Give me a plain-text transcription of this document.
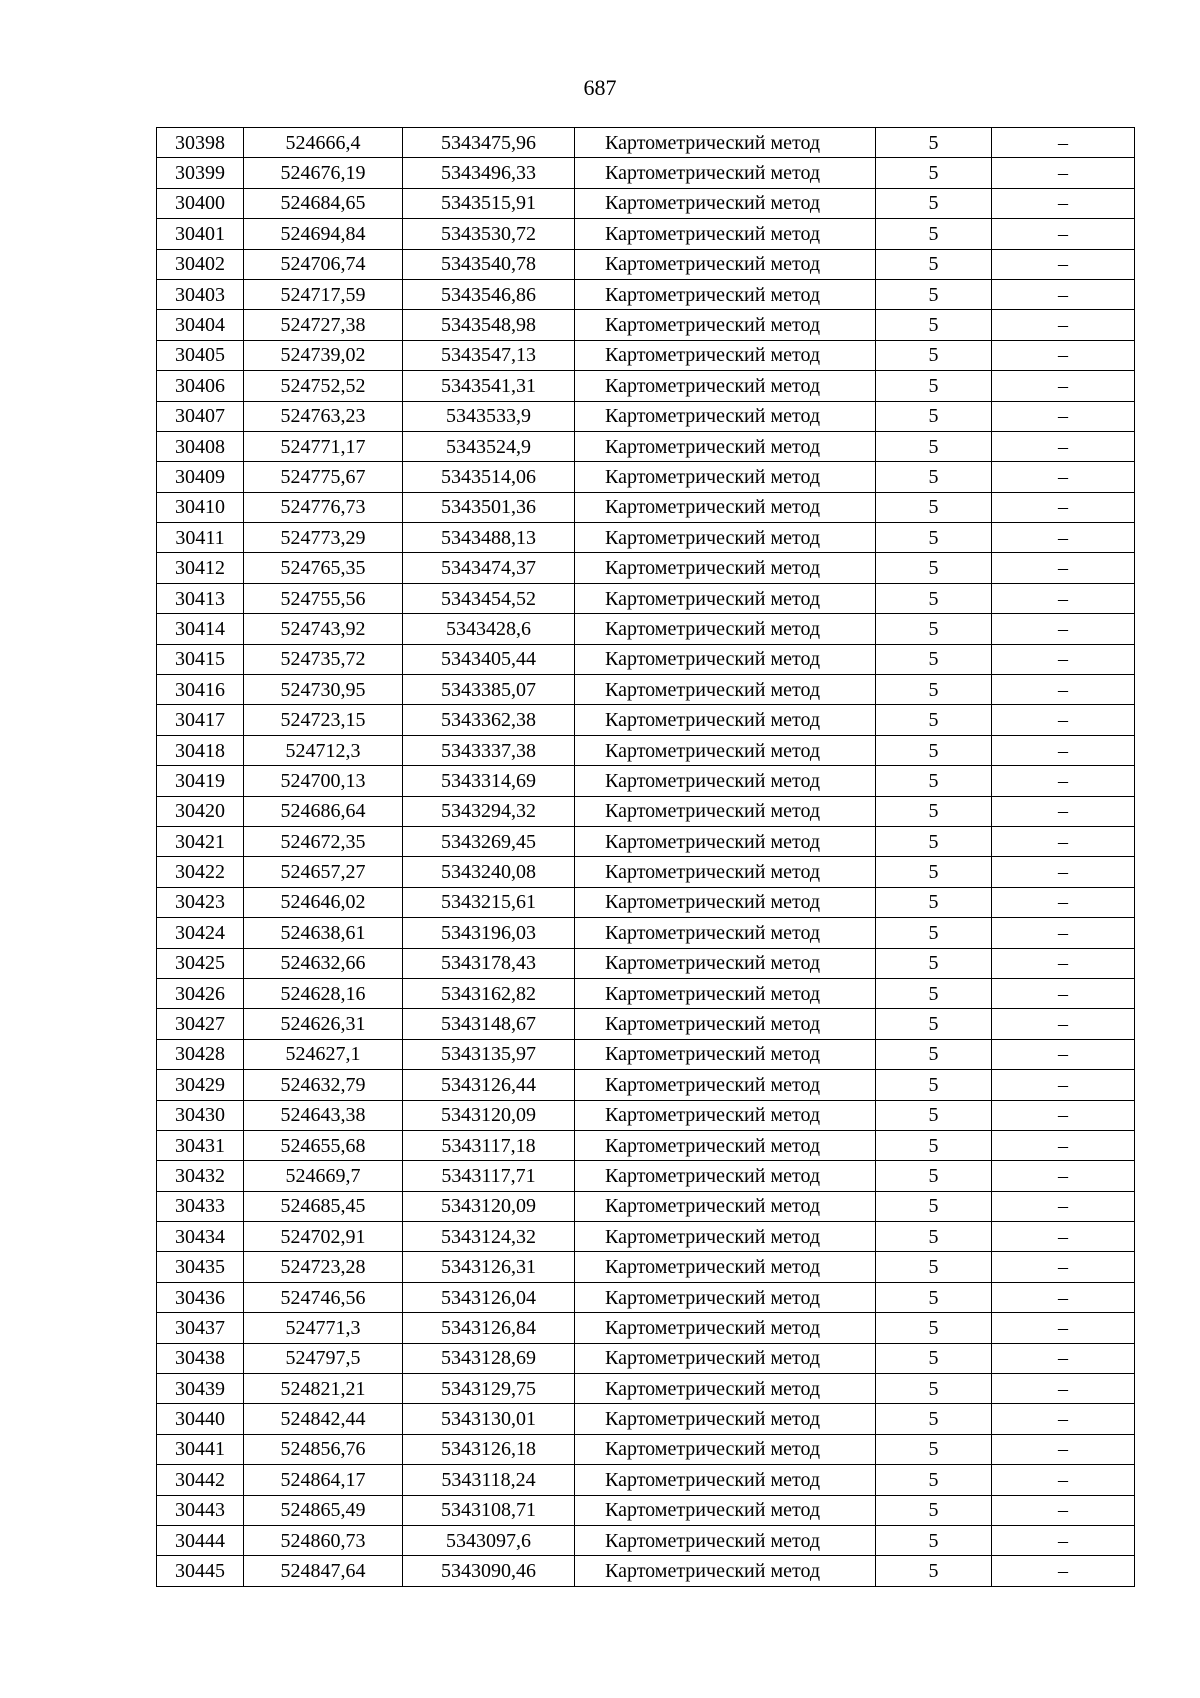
687
30398	524666,4	5343475,96	Картометрический метод	5	–
30399	524676,19	5343496,33	Картометрический метод	5	–
30400	524684,65	5343515,91	Картометрический метод	5	–
30401	524694,84	5343530,72	Картометрический метод	5	–
30402	524706,74	5343540,78	Картометрический метод	5	–
30403	524717,59	5343546,86	Картометрический метод	5	–
30404	524727,38	5343548,98	Картометрический метод	5	–
30405	524739,02	5343547,13	Картометрический метод	5	–
30406	524752,52	5343541,31	Картометрический метод	5	–
30407	524763,23	5343533,9	Картометрический метод	5	–
30408	524771,17	5343524,9	Картометрический метод	5	–
30409	524775,67	5343514,06	Картометрический метод	5	–
30410	524776,73	5343501,36	Картометрический метод	5	–
30411	524773,29	5343488,13	Картометрический метод	5	–
30412	524765,35	5343474,37	Картометрический метод	5	–
30413	524755,56	5343454,52	Картометрический метод	5	–
30414	524743,92	5343428,6	Картометрический метод	5	–
30415	524735,72	5343405,44	Картометрический метод	5	–
30416	524730,95	5343385,07	Картометрический метод	5	–
30417	524723,15	5343362,38	Картометрический метод	5	–
30418	524712,3	5343337,38	Картометрический метод	5	–
30419	524700,13	5343314,69	Картометрический метод	5	–
30420	524686,64	5343294,32	Картометрический метод	5	–
30421	524672,35	5343269,45	Картометрический метод	5	–
30422	524657,27	5343240,08	Картометрический метод	5	–
30423	524646,02	5343215,61	Картометрический метод	5	–
30424	524638,61	5343196,03	Картометрический метод	5	–
30425	524632,66	5343178,43	Картометрический метод	5	–
30426	524628,16	5343162,82	Картометрический метод	5	–
30427	524626,31	5343148,67	Картометрический метод	5	–
30428	524627,1	5343135,97	Картометрический метод	5	–
30429	524632,79	5343126,44	Картометрический метод	5	–
30430	524643,38	5343120,09	Картометрический метод	5	–
30431	524655,68	5343117,18	Картометрический метод	5	–
30432	524669,7	5343117,71	Картометрический метод	5	–
30433	524685,45	5343120,09	Картометрический метод	5	–
30434	524702,91	5343124,32	Картометрический метод	5	–
30435	524723,28	5343126,31	Картометрический метод	5	–
30436	524746,56	5343126,04	Картометрический метод	5	–
30437	524771,3	5343126,84	Картометрический метод	5	–
30438	524797,5	5343128,69	Картометрический метод	5	–
30439	524821,21	5343129,75	Картометрический метод	5	–
30440	524842,44	5343130,01	Картометрический метод	5	–
30441	524856,76	5343126,18	Картометрический метод	5	–
30442	524864,17	5343118,24	Картометрический метод	5	–
30443	524865,49	5343108,71	Картометрический метод	5	–
30444	524860,73	5343097,6	Картометрический метод	5	–
30445	524847,64	5343090,46	Картометрический метод	5	–
